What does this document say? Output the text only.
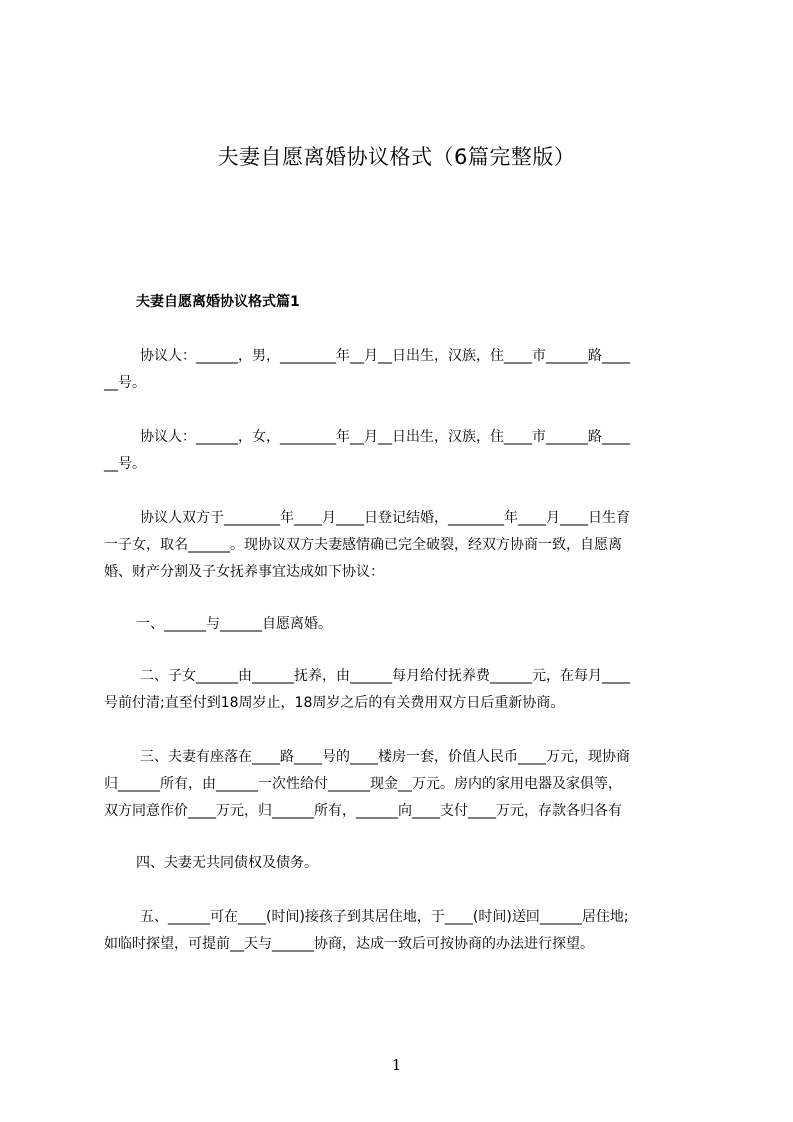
夫妻自愿离婚协议格式（6篇完整版）
夫妻自愿离婚协议格式篇1
协议人：______，男，________年__月__日出生，汉族，住____市______路____
__号。
协议人：______，女，________年__月__日出生，汉族，住____市______路____
__号。
协议人双方于________年____月____日登记结婚，________年____月____日生育
一子女，取名______。现协议双方夫妻感情确已完全破裂，经双方协商一致，自愿离
婚、财产分割及子女抚养事宜达成如下协议：
一、______与______自愿离婚。
二、子女______由______抚养，由______每月给付抚养费______元，在每月____
号前付清;直至付到18周岁止，18周岁之后的有关费用双方日后重新协商。
三、夫妻有座落在____路____号的____楼房一套，价值人民币____万元，现协商
归______所有，由______一次性给付______现金__万元。房内的家用电器及家俱等，
双方同意作价____万元，归______所有，______向____支付____万元，存款各归各有
四、夫妻无共同债权及债务。
五、______可在____(时间)接孩子到其居住地，于____(时间)送回______居住地;
如临时探望，可提前__天与______协商，达成一致后可按协商的办法进行探望。
1
